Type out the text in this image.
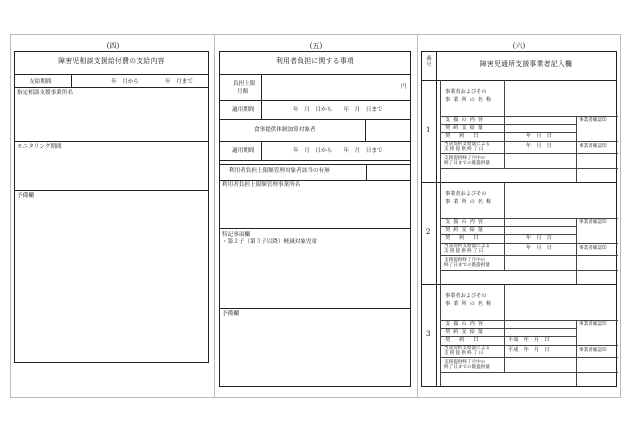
(四)
障害児相談支援給付費の支給内容
支給期間	年　月から	年　月まで
指定相談支援事業所名
モニタリング期間
予備欄
(五)
利用者負担に関する事項
負担上限
月額
円
適用期間	年　月　日から　　年　月　日まで
食事提供体制加算対象者
適用期間	年　月　日から　　年　月　日まで
利用者負担上限額管理対象者該当の有無
利用者負担上限額管理事業所名
特記事項欄
・第２子（第３子以降）軽減対象児童
予備欄
(六)
番号	障害児通所支援事業者記入欄
1
事業者およびその
事業所の名称
支援の内容	事業者確認印
契約支給量
契約日	年　月　日
当該契約支給量による
支援提供終了日
年　月　日	事業者確認印
支援提供終了月中の
終了日までの既提供量
2
事業者およびその
事業所の名称
支援の内容	事業者確認印
契約支給量
契約日	年　月　日
当該契約支給量による
支援提供終了日
年　月　日	事業者確認印
支援提供終了月中の
終了日までの既提供量
3
事業者およびその
事業所の名称
支援の内容	事業者確認印
契約支給量
契約日	平成　年　月　日
当該契約支給量による
支援提供終了日
平成　年　月　日	事業者確認印
支援提供終了月中の
終了日までの既提供量
